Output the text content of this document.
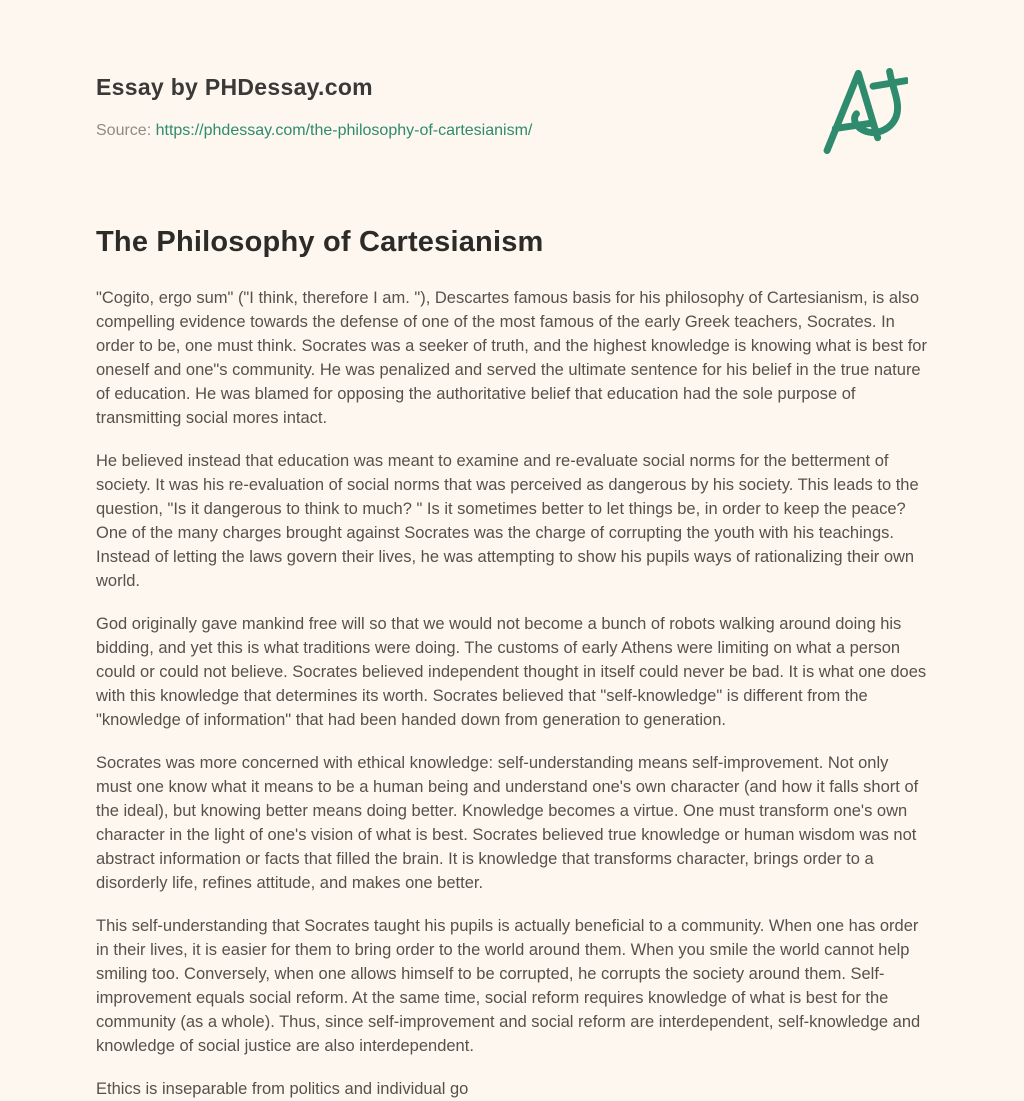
Essay by PHDessay.com
Source: https://phdessay.com/the-philosophy-of-cartesianism/
The Philosophy of Cartesianism

"Cogito, ergo sum" ("I think, therefore I am. "), Descartes famous basis for his philosophy of Cartesianism, is also compelling evidence towards the defense of one of the most famous of the early Greek teachers, Socrates. In order to be, one must think. Socrates was a seeker of truth, and the highest knowledge is knowing what is best for oneself and one"s community. He was penalized and served the ultimate sentence for his belief in the true nature of education. He was blamed for opposing the authoritative belief that education had the sole purpose of transmitting social mores intact.

He believed instead that education was meant to examine and re-evaluate social norms for the betterment of society. It was his re-evaluation of social norms that was perceived as dangerous by his society. This leads to the question, "Is it dangerous to think to much? " Is it sometimes better to let things be, in order to keep the peace? One of the many charges brought against Socrates was the charge of corrupting the youth with his teachings. Instead of letting the laws govern their lives, he was attempting to show his pupils ways of rationalizing their own world.

God originally gave mankind free will so that we would not become a bunch of robots walking around doing his bidding, and yet this is what traditions were doing. The customs of early Athens were limiting on what a person could or could not believe. Socrates believed independent thought in itself could never be bad. It is what one does with this knowledge that determines its worth. Socrates believed that "self-knowledge" is different from the "knowledge of information" that had been handed down from generation to generation.

Socrates was more concerned with ethical knowledge: self-understanding means self-improvement. Not only must one know what it means to be a human being and understand one's own character (and how it falls short of the ideal), but knowing better means doing better. Knowledge becomes a virtue. One must transform one's own character in the light of one's vision of what is best. Socrates believed true knowledge or human wisdom was not abstract information or facts that filled the brain. It is knowledge that transforms character, brings order to a disorderly life, refines attitude, and makes one better.

This self-understanding that Socrates taught his pupils is actually beneficial to a community. When one has order in their lives, it is easier for them to bring order to the world around them. When you smile the world cannot help smiling too. Conversely, when one allows himself to be corrupted, he corrupts the society around them. Self-improvement equals social reform. At the same time, social reform requires knowledge of what is best for the community (as a whole). Thus, since self-improvement and social reform are interdependent, self-knowledge and knowledge of social justice are also interdependent.

Ethics is inseparable from politics and individual go
